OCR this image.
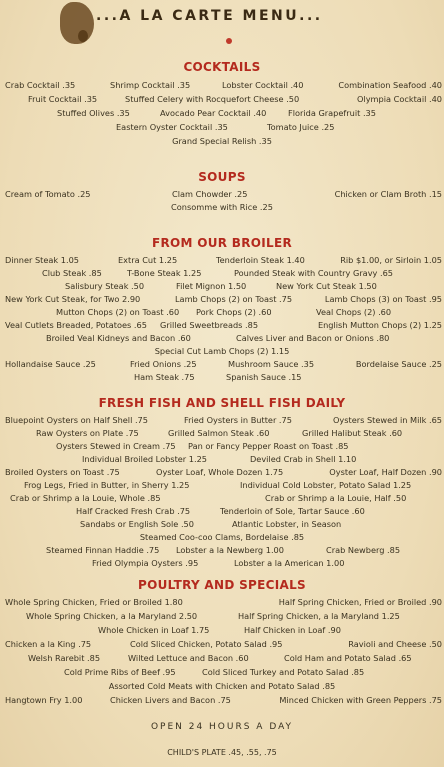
...A LA CARTE MENU...
COCKTAILS
Crab Cocktail .35	Shrimp Cocktail .35	Lobster Cocktail .40	Combination Seafood .40
Fruit Cocktail .35	Stuffed Celery with Rocquefort Cheese .50	Olympia Cocktail .40
Stuffed Olives .35	Avocado Pear Cocktail .40	Florida Grapefruit .35
Eastern Oyster Cocktail .35	Tomato Juice .25
Grand Special Relish .35
SOUPS
Cream of Tomato .25	Clam Chowder .25	Chicken or Clam Broth .15
Consomme with Rice .25
FROM OUR BROILER
Dinner Steak 1.05	Extra Cut 1.25	Tenderloin Steak 1.40	Rib $1.00, or Sirloin 1.05
Club Steak .85	T-Bone Steak 1.25	Pounded Steak with Country Gravy .65
Salisbury Steak .50	Filet Mignon 1.50	New York Cut Steak 1.50
New York Cut Steak, for Two 2.90	Lamb Chops (2) on Toast .75	Lamb Chops (3) on Toast .95
Mutton Chops (2) on Toast .60 Pork Chops (2) .60	Veal Chops (2) .60
Veal Cutlets Breaded, Potatoes .65 Grilled Sweetbreads .85	English Mutton Chops (2) 1.25
Broiled Veal Kidneys and Bacon .60	Calves Liver and Bacon or Onions .80
Special Cut Lamb Chops (2) 1.15
Hollandaise Sauce .25	Fried Onions .25	Mushroom Sauce .35	Bordelaise Sauce .25
Ham Steak .75	Spanish Sauce .15
FRESH FISH AND SHELL FISH DAILY
Bluepoint Oysters on Half Shell .75	Fried Oysters in Butter .75	Oysters Stewed in Milk .65
Raw Oysters on Plate .75	Grilled Salmon Steak .60	Grilled Halibut Steak .60
Oysters Stewed in Cream .75 Pan or Fancy Pepper Roast on Toast .85
Individual Broiled Lobster 1.25	Deviled Crab in Shell 1.10
Broiled Oysters on Toast .75	Oyster Loaf, Whole Dozen 1.75	Oyster Loaf, Half Dozen .90
Frog Legs, Fried in Butter, in Sherry 1.25	Individual Cold Lobster, Potato Salad 1.25
Crab or Shrimp a la Louie, Whole .85	Crab or Shrimp a la Louie, Half .50
Half Cracked Fresh Crab .75	Tenderloin of Sole, Tartar Sauce .60
Sandabs or English Sole .50	Atlantic Lobster, in Season
Steamed Coo-coo Clams, Bordelaise .85
Steamed Finnan Haddie .75 Lobster a la Newberg 1.00	Crab Newberg .85
Fried Olympia Oysters .95	Lobster a la American 1.00
POULTRY AND SPECIALS
Whole Spring Chicken, Fried or Broiled 1.80	Half Spring Chicken, Fried or Broiled .90
Whole Spring Chicken, a la Maryland 2.50	Half Spring Chicken, a la Maryland 1.25
Whole Chicken in Loaf 1.75	Half Chicken in Loaf .90
Chicken a la King .75	Cold Sliced Chicken, Potato Salad .95	Ravioli and Cheese .50
Welsh Rarebit .85	Wilted Lettuce and Bacon .60	Cold Ham and Potato Salad .65
Cold Prime Ribs of Beef .95	Cold Sliced Turkey and Potato Salad .85
Assorted Cold Meats with Chicken and Potato Salad .85
Hangtown Fry 1.00	Chicken Livers and Bacon .75	Minced Chicken with Green Peppers .75
OPEN 24 HOURS A DAY
CHILD'S PLATE .45, .55, .75
